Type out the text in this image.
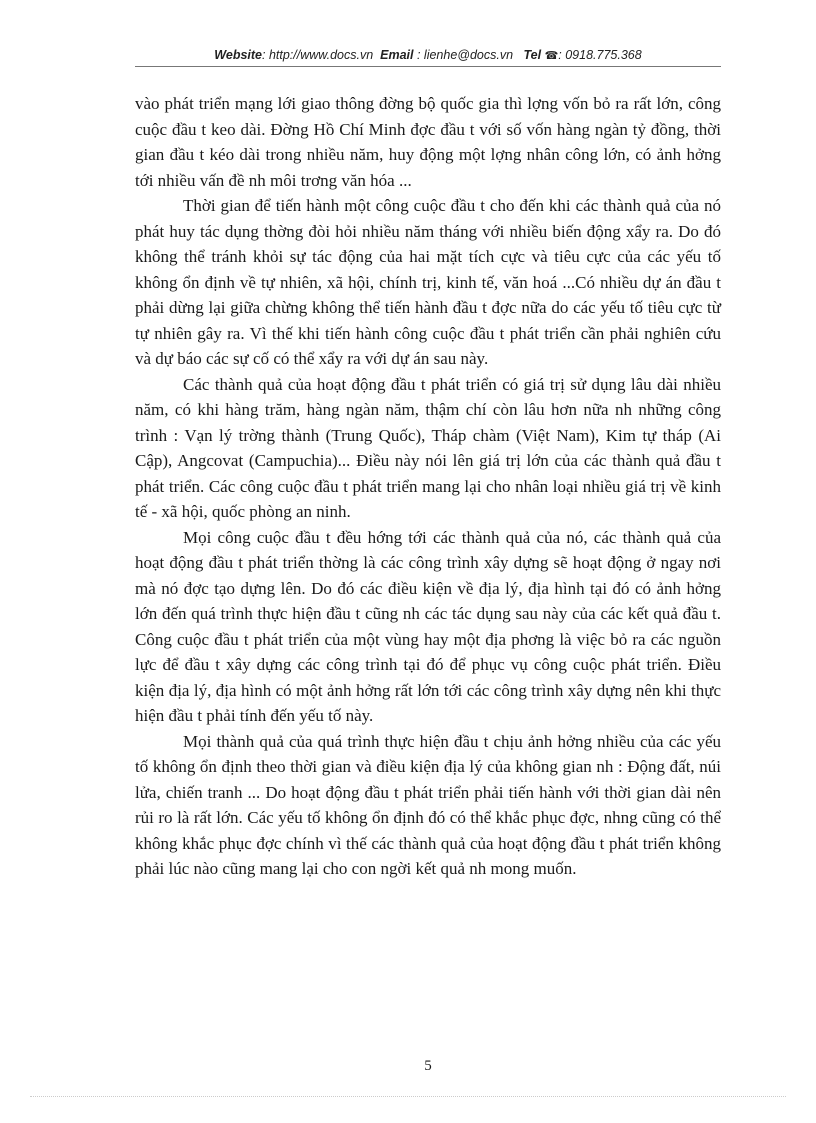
Website: http://www.docs.vn Email : lienhe@docs.vn Tel ☎: 0918.775.368

vào phát triển mạng lới giao thông đờng bộ quốc gia thì lợng vốn bỏ ra rất lớn, công cuộc đầu t keo dài. Đờng Hồ Chí Minh đợc đầu t với số vốn hàng ngàn tỷ đồng, thời gian đầu t kéo dài trong nhiều năm, huy động một lợng nhân công lớn, có ảnh hởng tới nhiều vấn đề nh môi trơng văn hóa ...

Thời gian để tiến hành một công cuộc đầu t cho đến khi các thành quả của nó phát huy tác dụng thờng đòi hỏi nhiều năm tháng với nhiều biến động xẩy ra. Do đó không thể tránh khỏi sự tác động của hai mặt tích cực và tiêu cực của các yếu tố không ổn định về tự nhiên, xã hội, chính trị, kinh tế, văn hoá ...Có nhiều dự án đầu t phải dừng lại giữa chừng không thể tiến hành đầu t đợc nữa do các yếu tố tiêu cực từ tự nhiên gây ra. Vì thế khi tiến hành công cuộc đầu t phát triển cần phải nghiên cứu và dự báo các sự cố có thể xẩy ra với dự án sau này.

Các thành quả của hoạt động đầu t phát triển có giá trị sử dụng lâu dài nhiều năm, có khi hàng trăm, hàng ngàn năm, thậm chí còn lâu hơn nữa nh những công trình : Vạn lý trờng thành (Trung Quốc), Tháp chàm (Việt Nam), Kim tự tháp (Ai Cập), Angcovat (Campuchia)... Điều này nói lên giá trị lớn của các thành quả đầu t phát triển. Các công cuộc đầu t phát triển mang lại cho nhân loại nhiều giá trị về kinh tế - xã hội, quốc phòng an ninh.

Mọi công cuộc đầu t đều hớng tới các thành quả của nó, các thành quả của hoạt động đầu t phát triển thờng là các công trình xây dựng sẽ hoạt động ở ngay nơi mà nó đợc tạo dựng lên. Do đó các điều kiện về địa lý, địa hình tại đó có ảnh hởng lớn đến quá trình thực hiện đầu t cũng nh các tác dụng sau này của các kết quả đầu t. Công cuộc đầu t phát triển của một vùng hay một địa phơng là việc bỏ ra các nguồn lực để đầu t xây dựng các công trình tại đó để phục vụ công cuộc phát triển. Điều kiện địa lý, địa hình có một ảnh hởng rất lớn tới các công trình xây dựng nên khi thực hiện đầu t phải tính đến yếu tố này.

Mọi thành quả của quá trình thực hiện đầu t chịu ảnh hởng nhiều của các yếu tố không ổn định theo thời gian và điều kiện địa lý của không gian nh : Động đất, núi lửa, chiến tranh ... Do hoạt động đầu t phát triển phải tiến hành với thời gian dài nên rủi ro là rất lớn. Các yếu tố không ổn định đó có thể khắc phục đợc, nhng cũng có thể không khắc phục đợc chính vì thế các thành quả của hoạt động đầu t phát triển không phải lúc nào cũng mang lại cho con ngời kết quả nh mong muốn.

5
